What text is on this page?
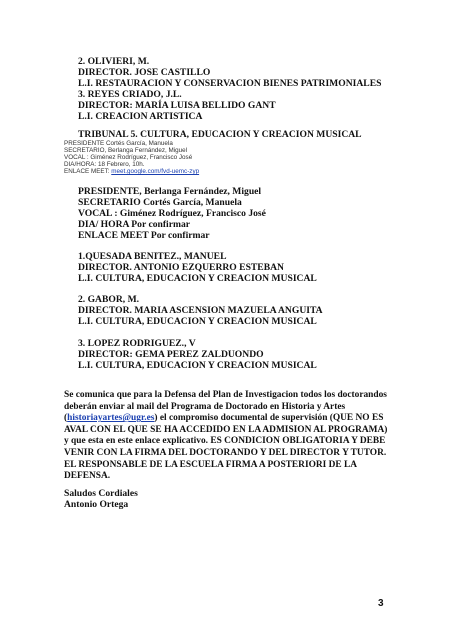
2. OLIVIERI, M.
DIRECTOR. JOSE CASTILLO
L.I. RESTAURACION Y CONSERVACION BIENES PATRIMONIALES
3. REYES CRIADO, J.L.
DIRECTOR: MARÍA LUISA BELLIDO GANT
L.I. CREACION ARTISTICA
TRIBUNAL 5. CULTURA, EDUCACION Y CREACION MUSICAL
PRESIDENTE Cortés García, Manuela
SECRETARIO, Berlanga Fernández, Miguel
VOCAL : Giménez Rodríguez, Francisco José
DIA/HORA: 18 Febrero, 10h.
ENLACE MEET: meet.google.com/fvd-uemc-zyp
PRESIDENTE, Berlanga Fernández, Miguel
SECRETARIO Cortés García, Manuela
VOCAL : Giménez Rodríguez, Francisco José
DIA/ HORA Por confirmar
ENLACE MEET Por confirmar
1.QUESADA BENITEZ., MANUEL
DIRECTOR. ANTONIO EZQUERRO ESTEBAN
L.I. CULTURA, EDUCACION Y CREACION MUSICAL
2. GABOR, M.
DIRECTOR. MARIA ASCENSION MAZUELA ANGUITA
L.I. CULTURA, EDUCACION Y CREACION MUSICAL
3. LOPEZ RODRIGUEZ., V
DIRECTOR: GEMA PEREZ ZALDUONDO
L.I. CULTURA, EDUCACION Y CREACION MUSICAL
Se comunica que para la Defensa del Plan de Investigacion todos los doctorandos deberán enviar al mail del Programa de Doctorado en Historia y Artes (historiayartes@ugr.es) el compromiso documental de supervisión (QUE NO ES AVAL CON EL QUE SE HA ACCEDIDO EN LA ADMISION AL PROGRAMA) y que esta en este enlace explicativo. ES CONDICION OBLIGATORIA Y DEBE VENIR CON LA FIRMA DEL DOCTORANDO Y DEL DIRECTOR Y TUTOR. EL RESPONSABLE DE LA ESCUELA FIRMA A POSTERIORI DE LA DEFENSA.
Saludos Cordiales
Antonio Ortega
3
